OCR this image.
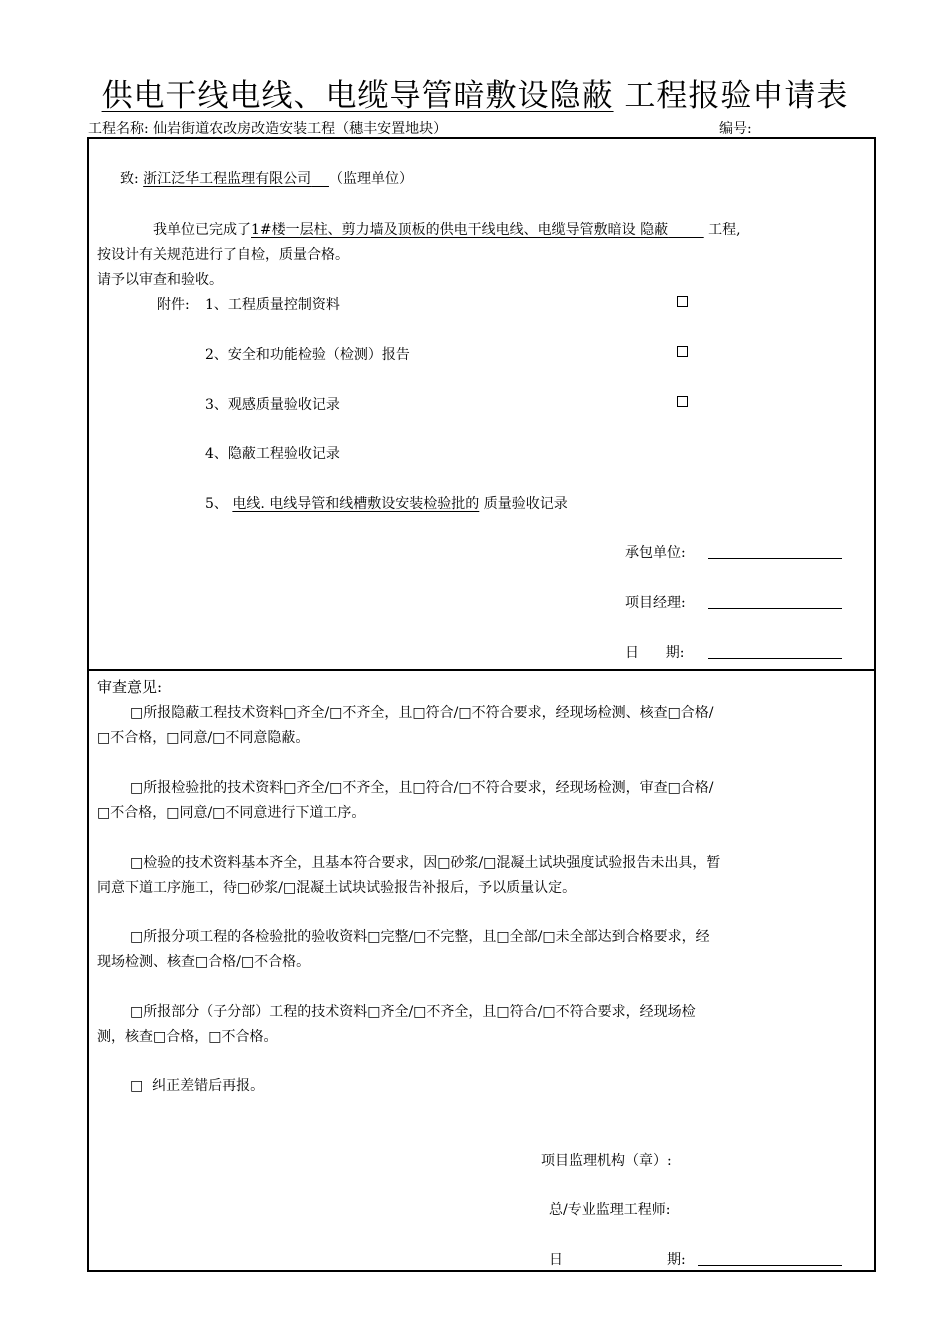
供电干线电线、电缆导管暗敷设隐蔽 工程报验申请表
工程名称: 仙岩街道农改房改造安装工程（穗丰安置地块）	编号:
致: 浙江泛华工程监理有限公司 （监理单位）
我单位已完成了1#楼一层柱、剪力墙及顶板的供电干线电线、电缆导管敷暗设 隐蔽	工程,
按设计有关规范进行了自检，质量合格。
请予以审查和验收。
附件: 1、工程质量控制资料
2、安全和功能检验（检测）报告
3、观感质量验收记录
4、隐蔽工程验收记录
5、 电线. 电线导管和线槽敷设安装检验批的 质量验收记录
承包单位:
项目经理:
日      期:
审查意见:
□所报隐蔽工程技术资料□齐全/□不齐全，且□符合/□不符合要求，经现场检测、核查□合格/
□不合格，□同意/□不同意隐蔽。
□所报检验批的技术资料□齐全/□不齐全，且□符合/□不符合要求，经现场检测，审查□合格/
□不合格，□同意/□不同意进行下道工序。
□检验的技术资料基本齐全，且基本符合要求，因□砂浆/□混凝土试块强度试验报告未出具，暂
同意下道工序施工，待□砂浆/□混凝土试块试验报告补报后，予以质量认定。
□所报分项工程的各检验批的验收资料□完整/□不完整，且□全部/□未全部达到合格要求，经
现场检测、核查□合格/□不合格。
□所报部分（子分部）工程的技术资料□齐全/□不齐全，且□符合/□不符合要求，经现场检
测，核查□合格，□不合格。
□  纠正差错后再报。
项目监理机构（章）:
总/专业监理工程师:
日	期:
